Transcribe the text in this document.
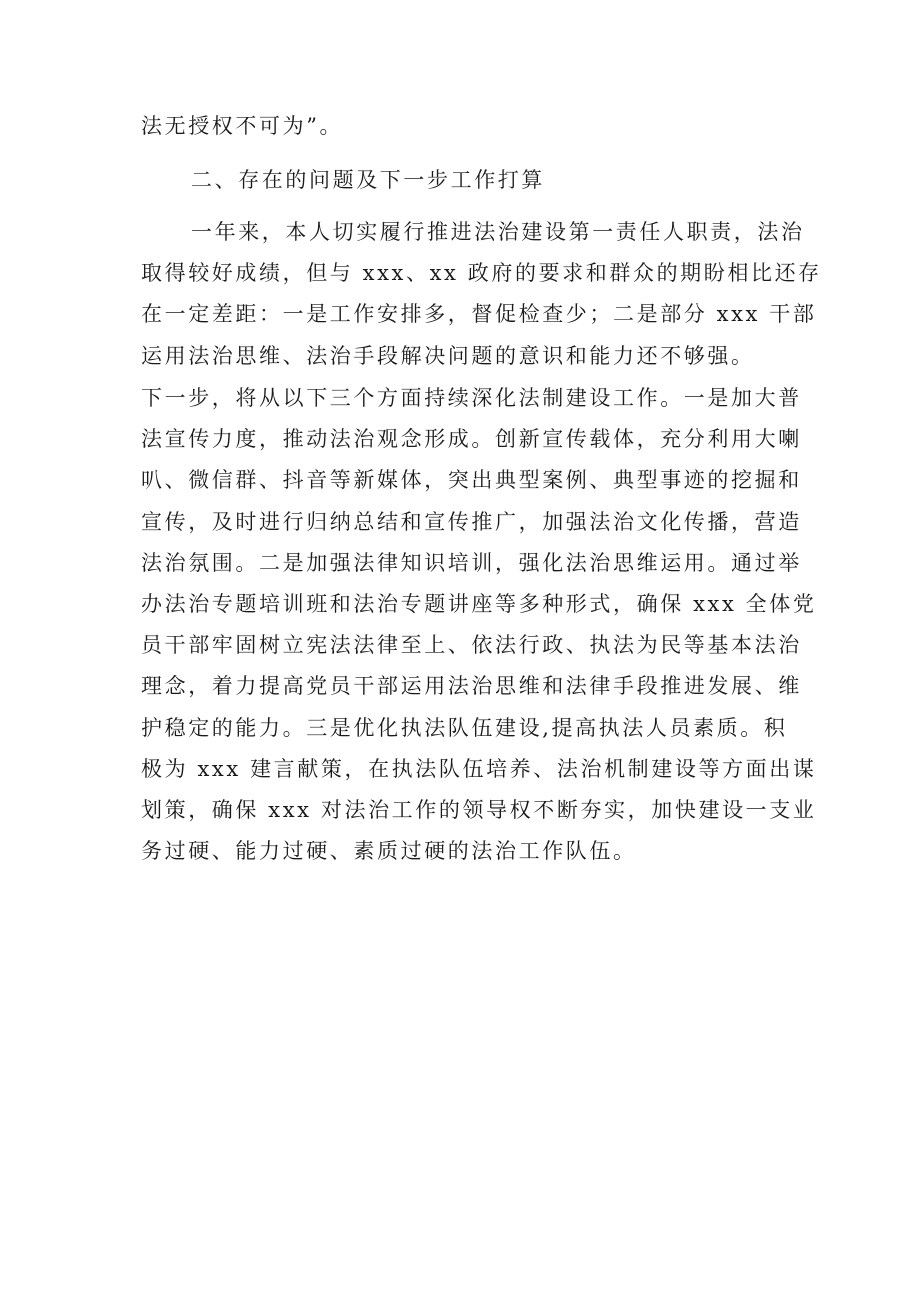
法无授权不可为”。
二、存在的问题及下一步工作打算
一年来，本人切实履行推进法治建设第一责任人职责，法治
取得较好成绩，但与 xxx、xx 政府的要求和群众的期盼相比还存
在一定差距：一是工作安排多，督促检查少；二是部分 xxx 干部
运用法治思维、法治手段解决问题的意识和能力还不够强。
下一步，将从以下三个方面持续深化法制建设工作。一是加大普
法宣传力度，推动法治观念形成。创新宣传载体，充分利用大喇
叭、微信群、抖音等新媒体，突出典型案例、典型事迹的挖掘和
宣传，及时进行归纳总结和宣传推广，加强法治文化传播，营造
法治氛围。二是加强法律知识培训，强化法治思维运用。通过举
办法治专题培训班和法治专题讲座等多种形式，确保 xxx 全体党
员干部牢固树立宪法法律至上、依法行政、执法为民等基本法治
理念，着力提高党员干部运用法治思维和法律手段推进发展、维
护稳定的能力。三是优化执法队伍建设,提高执法人员素质。积
极为 xxx 建言献策，在执法队伍培养、法治机制建设等方面出谋
划策，确保 xxx 对法治工作的领导权不断夯实，加快建设一支业
务过硬、能力过硬、素质过硬的法治工作队伍。
